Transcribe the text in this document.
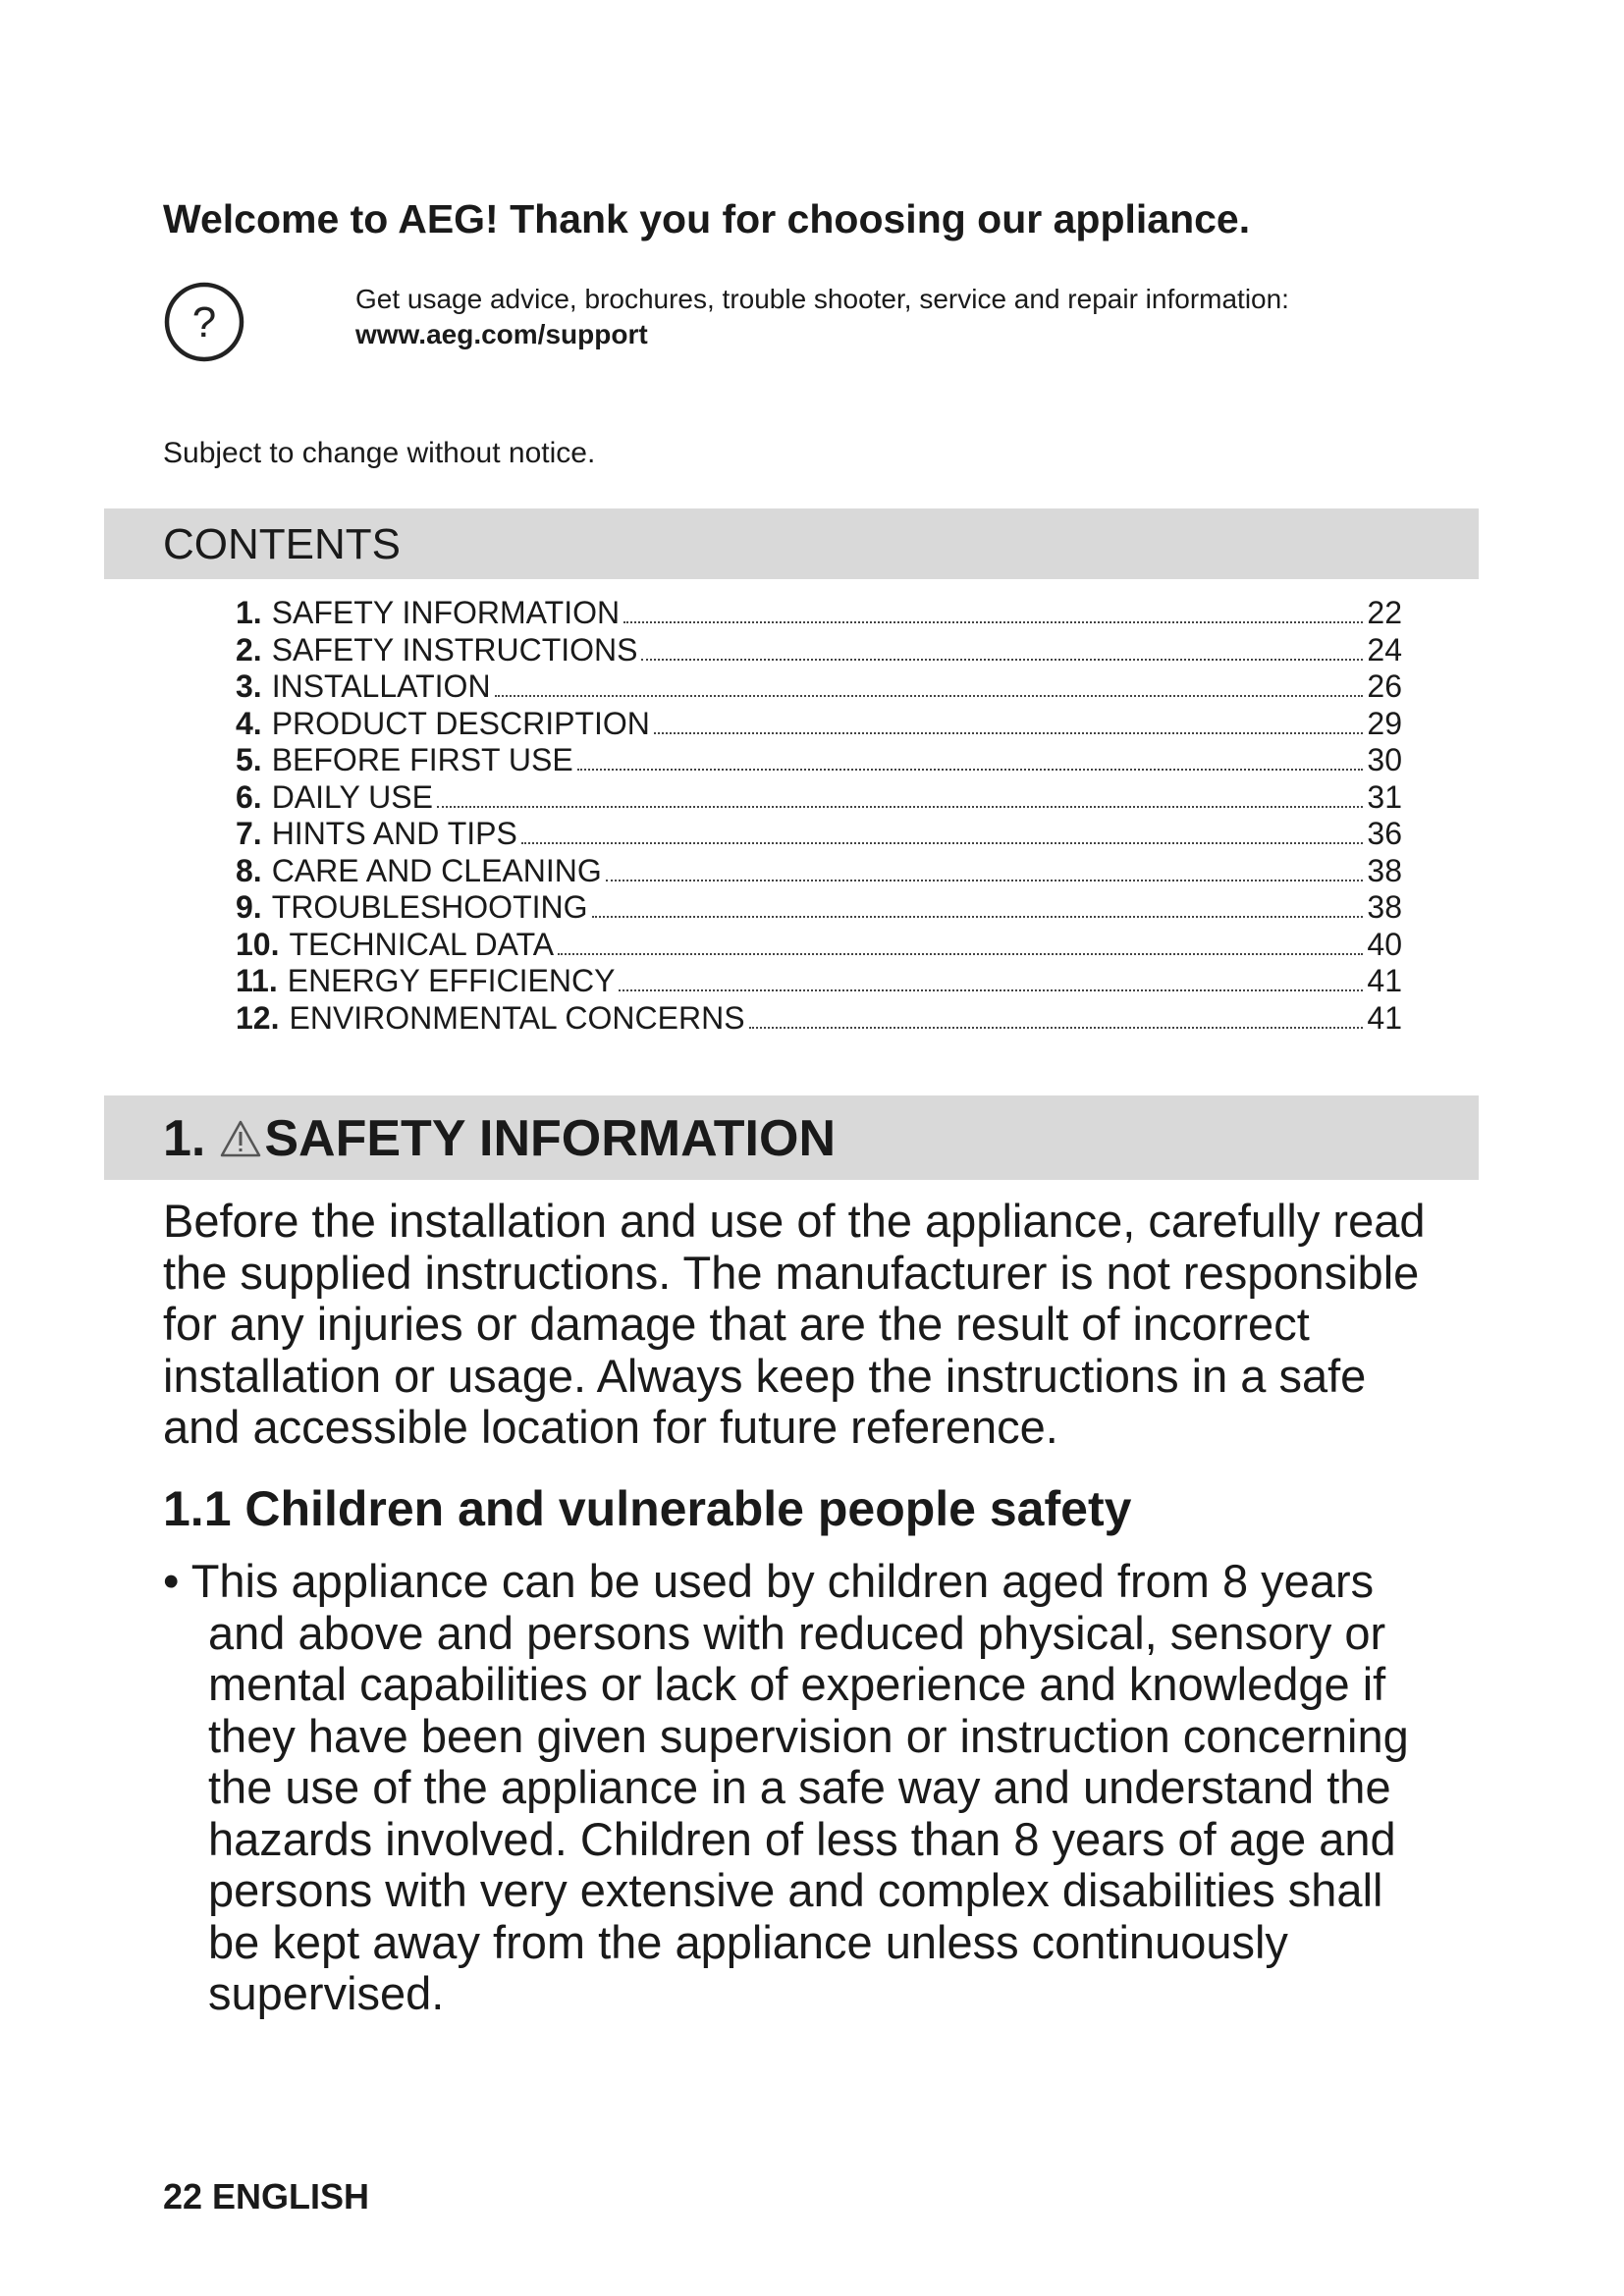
Welcome to AEG! Thank you for choosing our appliance.
?	Get usage advice, brochures, trouble shooter, service and repair information:
www.aeg.com/support
Subject to change without notice.
CONTENTS
1. SAFETY INFORMATION	22
2. SAFETY INSTRUCTIONS	24
3. INSTALLATION	26
4. PRODUCT DESCRIPTION	29
5. BEFORE FIRST USE	30
6. DAILY USE	31
7. HINTS AND TIPS	36
8. CARE AND CLEANING	38
9. TROUBLESHOOTING	38
10. TECHNICAL DATA	40
11. ENERGY EFFICIENCY	41
12. ENVIRONMENTAL CONCERNS	41
1. SAFETY INFORMATION

Before the installation and use of the appliance, carefully read
the supplied instructions. The manufacturer is not responsible
for any injuries or damage that are the result of incorrect
installation or usage. Always keep the instructions in a safe
and accessible location for future reference.

1.1 Children and vulnerable people safety
• This appliance can be used by children aged from 8 years
and above and persons with reduced physical, sensory or
mental capabilities or lack of experience and knowledge if
they have been given supervision or instruction concerning
the use of the appliance in a safe way and understand the
hazards involved. Children of less than 8 years of age and
persons with very extensive and complex disabilities shall
be kept away from the appliance unless continuously
supervised.
22 ENGLISH
